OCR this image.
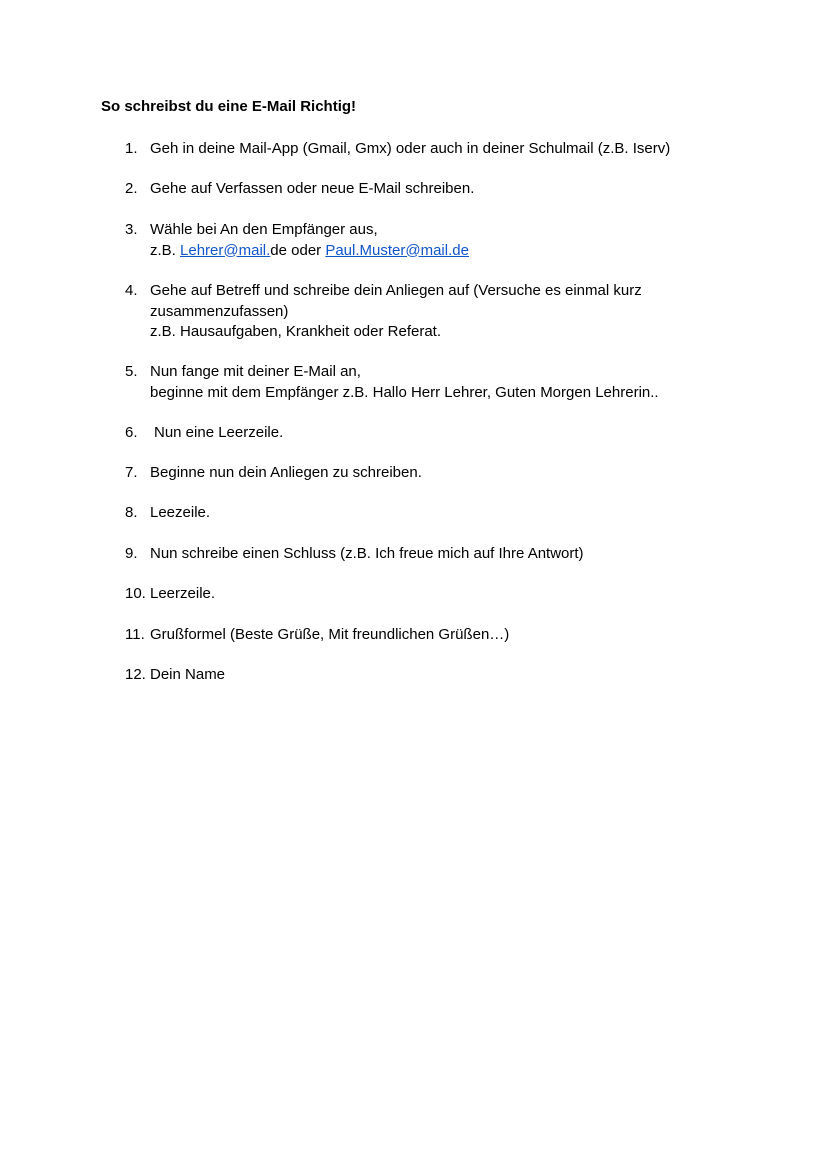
So schreibst du eine E-Mail Richtig!
1. Geh in deine Mail-App (Gmail, Gmx) oder auch in deiner Schulmail (z.B. Iserv)
2. Gehe auf Verfassen oder neue E-Mail schreiben.
3. Wähle bei An den Empfänger aus,
z.B. Lehrer@mail.de oder Paul.Muster@mail.de
4. Gehe auf Betreff und schreibe dein Anliegen auf (Versuche es einmal kurz
zusammenzufassen)
z.B. Hausaufgaben, Krankheit oder Referat.
5. Nun fange mit deiner E-Mail an,
beginne mit dem Empfänger z.B. Hallo Herr Lehrer, Guten Morgen Lehrerin..
6. Nun eine Leerzeile.
7. Beginne nun dein Anliegen zu schreiben.
8. Leezeile.
9. Nun schreibe einen Schluss (z.B. Ich freue mich auf Ihre Antwort)
10. Leerzeile.
11. Grußformel (Beste Grüße, Mit freundlichen Grüßen…)
12. Dein Name
